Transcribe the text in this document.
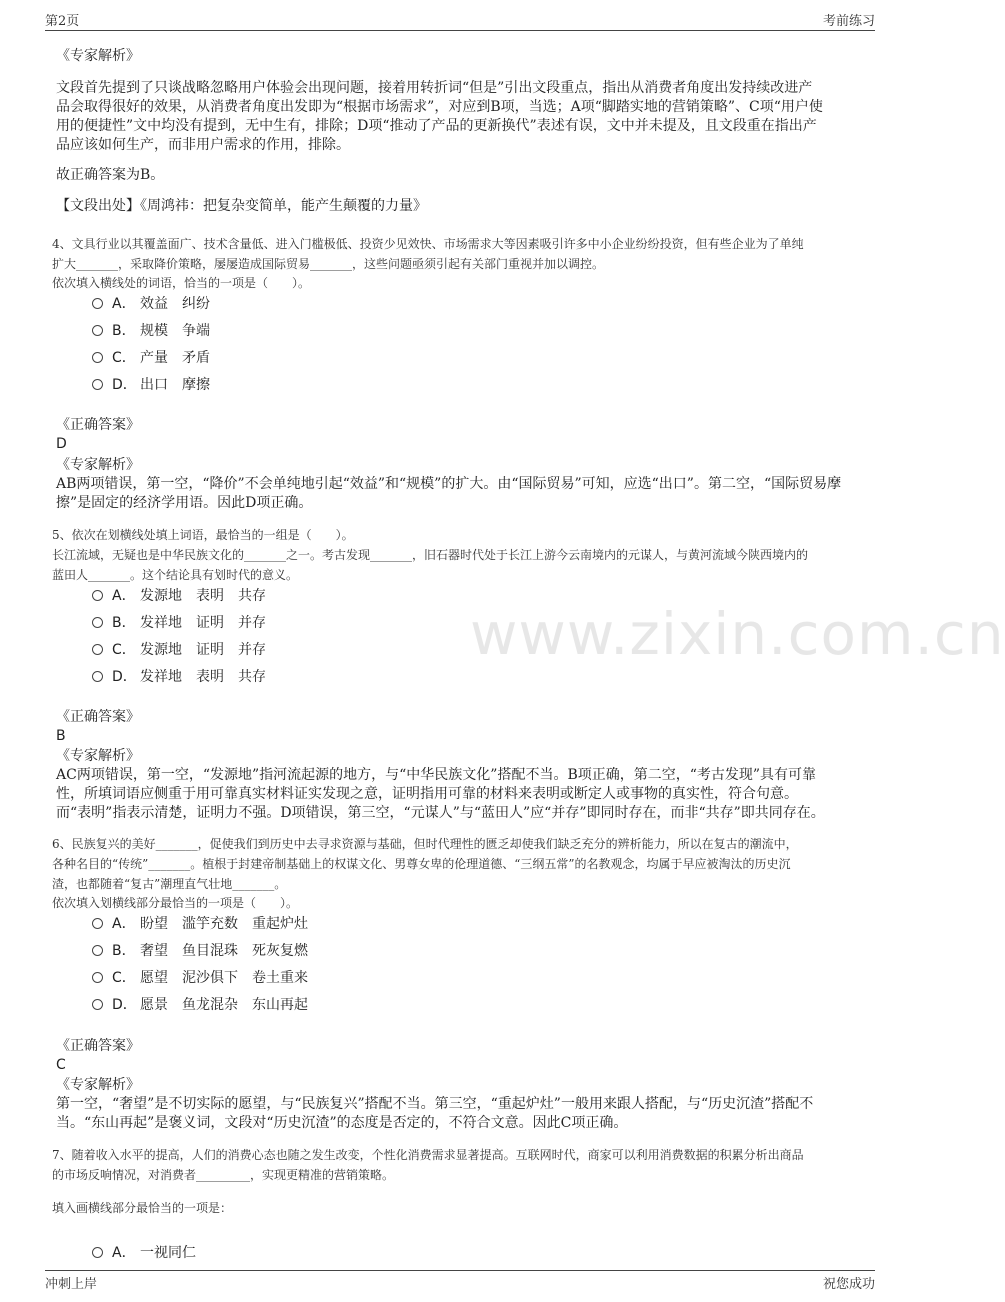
第2页	考前练习
www.zixin.com.cn
《专家解析》
文段首先提到了只谈战略忽略用户体验会出现问题，接着用转折词“但是”引出文段重点，指出从消费者角度出发持续改进产
品会取得很好的效果，从消费者角度出发即为“根据市场需求”，对应到B项，当选；A项“脚踏实地的营销策略”、C项“用户使
用的便捷性”文中均没有提到，无中生有，排除；D项“推动了产品的更新换代”表述有误，文中并未提及，且文段重在指出产
品应该如何生产，而非用户需求的作用，排除。
故正确答案为B。
【文段出处】《周鸿祎：把复杂变简单，能产生颠覆的力量》
4、文具行业以其覆盖面广、技术含量低、进入门槛极低、投资少见效快、市场需求大等因素吸引许多中小企业纷纷投资，但有些企业为了单纯
扩大_______，采取降价策略，屡屡造成国际贸易_______，这些问题亟须引起有关部门重视并加以调控。
依次填入横线处的词语，恰当的一项是（　　）。
A． 效益　纠纷
B． 规模　争端
C． 产量　矛盾
D． 出口　摩擦
《正确答案》
D
《专家解析》
AB两项错误，第一空，“降价”不会单纯地引起“效益”和“规模”的扩大。由“国际贸易”可知，应选“出口”。第二空，“国际贸易摩
擦”是固定的经济学用语。因此D项正确。
5、依次在划横线处填上词语，最恰当的一组是（　　）。
长江流域，无疑也是中华民族文化的_______之一。考古发现_______，旧石器时代处于长江上游今云南境内的元谋人，与黄河流域今陕西境内的
蓝田人_______。这个结论具有划时代的意义。
A． 发源地　表明　共存
B． 发祥地　证明　并存
C． 发源地　证明　并存
D． 发祥地　表明　共存
《正确答案》
B
《专家解析》
AC两项错误，第一空，“发源地”指河流起源的地方，与“中华民族文化”搭配不当。B项正确，第二空，“考古发现”具有可靠
性，所填词语应侧重于用可靠真实材料证实发现之意，证明指用可靠的材料来表明或断定人或事物的真实性，符合句意。
而“表明”指表示清楚，证明力不强。D项错误，第三空，“元谋人”与“蓝田人”应“并存”即同时存在，而非“共存”即共同存在。
6、民族复兴的美好_______，促使我们到历史中去寻求资源与基础，但时代理性的匮乏却使我们缺乏充分的辨析能力，所以在复古的潮流中，
各种名目的“传统”_______。植根于封建帝制基础上的权谋文化、男尊女卑的伦理道德、“三纲五常”的名教观念，均属于早应被淘汰的历史沉
渣，也都随着“复古”潮理直气壮地_______。
依次填入划横线部分最恰当的一项是（　　）。
A． 盼望　滥竽充数　重起炉灶
B． 奢望　鱼目混珠　死灰复燃
C． 愿望　泥沙俱下　卷土重来
D． 愿景　鱼龙混杂　东山再起
《正确答案》
C
《专家解析》
第一空，“奢望”是不切实际的愿望，与“民族复兴”搭配不当。第三空，“重起炉灶”一般用来跟人搭配，与“历史沉渣”搭配不
当。“东山再起”是褒义词，文段对“历史沉渣”的态度是否定的，不符合文意。因此C项正确。
7、随着收入水平的提高，人们的消费心态也随之发生改变，个性化消费需求显著提高。互联网时代，商家可以利用消费数据的积累分析出商品
的市场反响情况，对消费者_________，实现更精准的营销策略。
填入画横线部分最恰当的一项是：
A． 一视同仁
冲刺上岸	祝您成功
